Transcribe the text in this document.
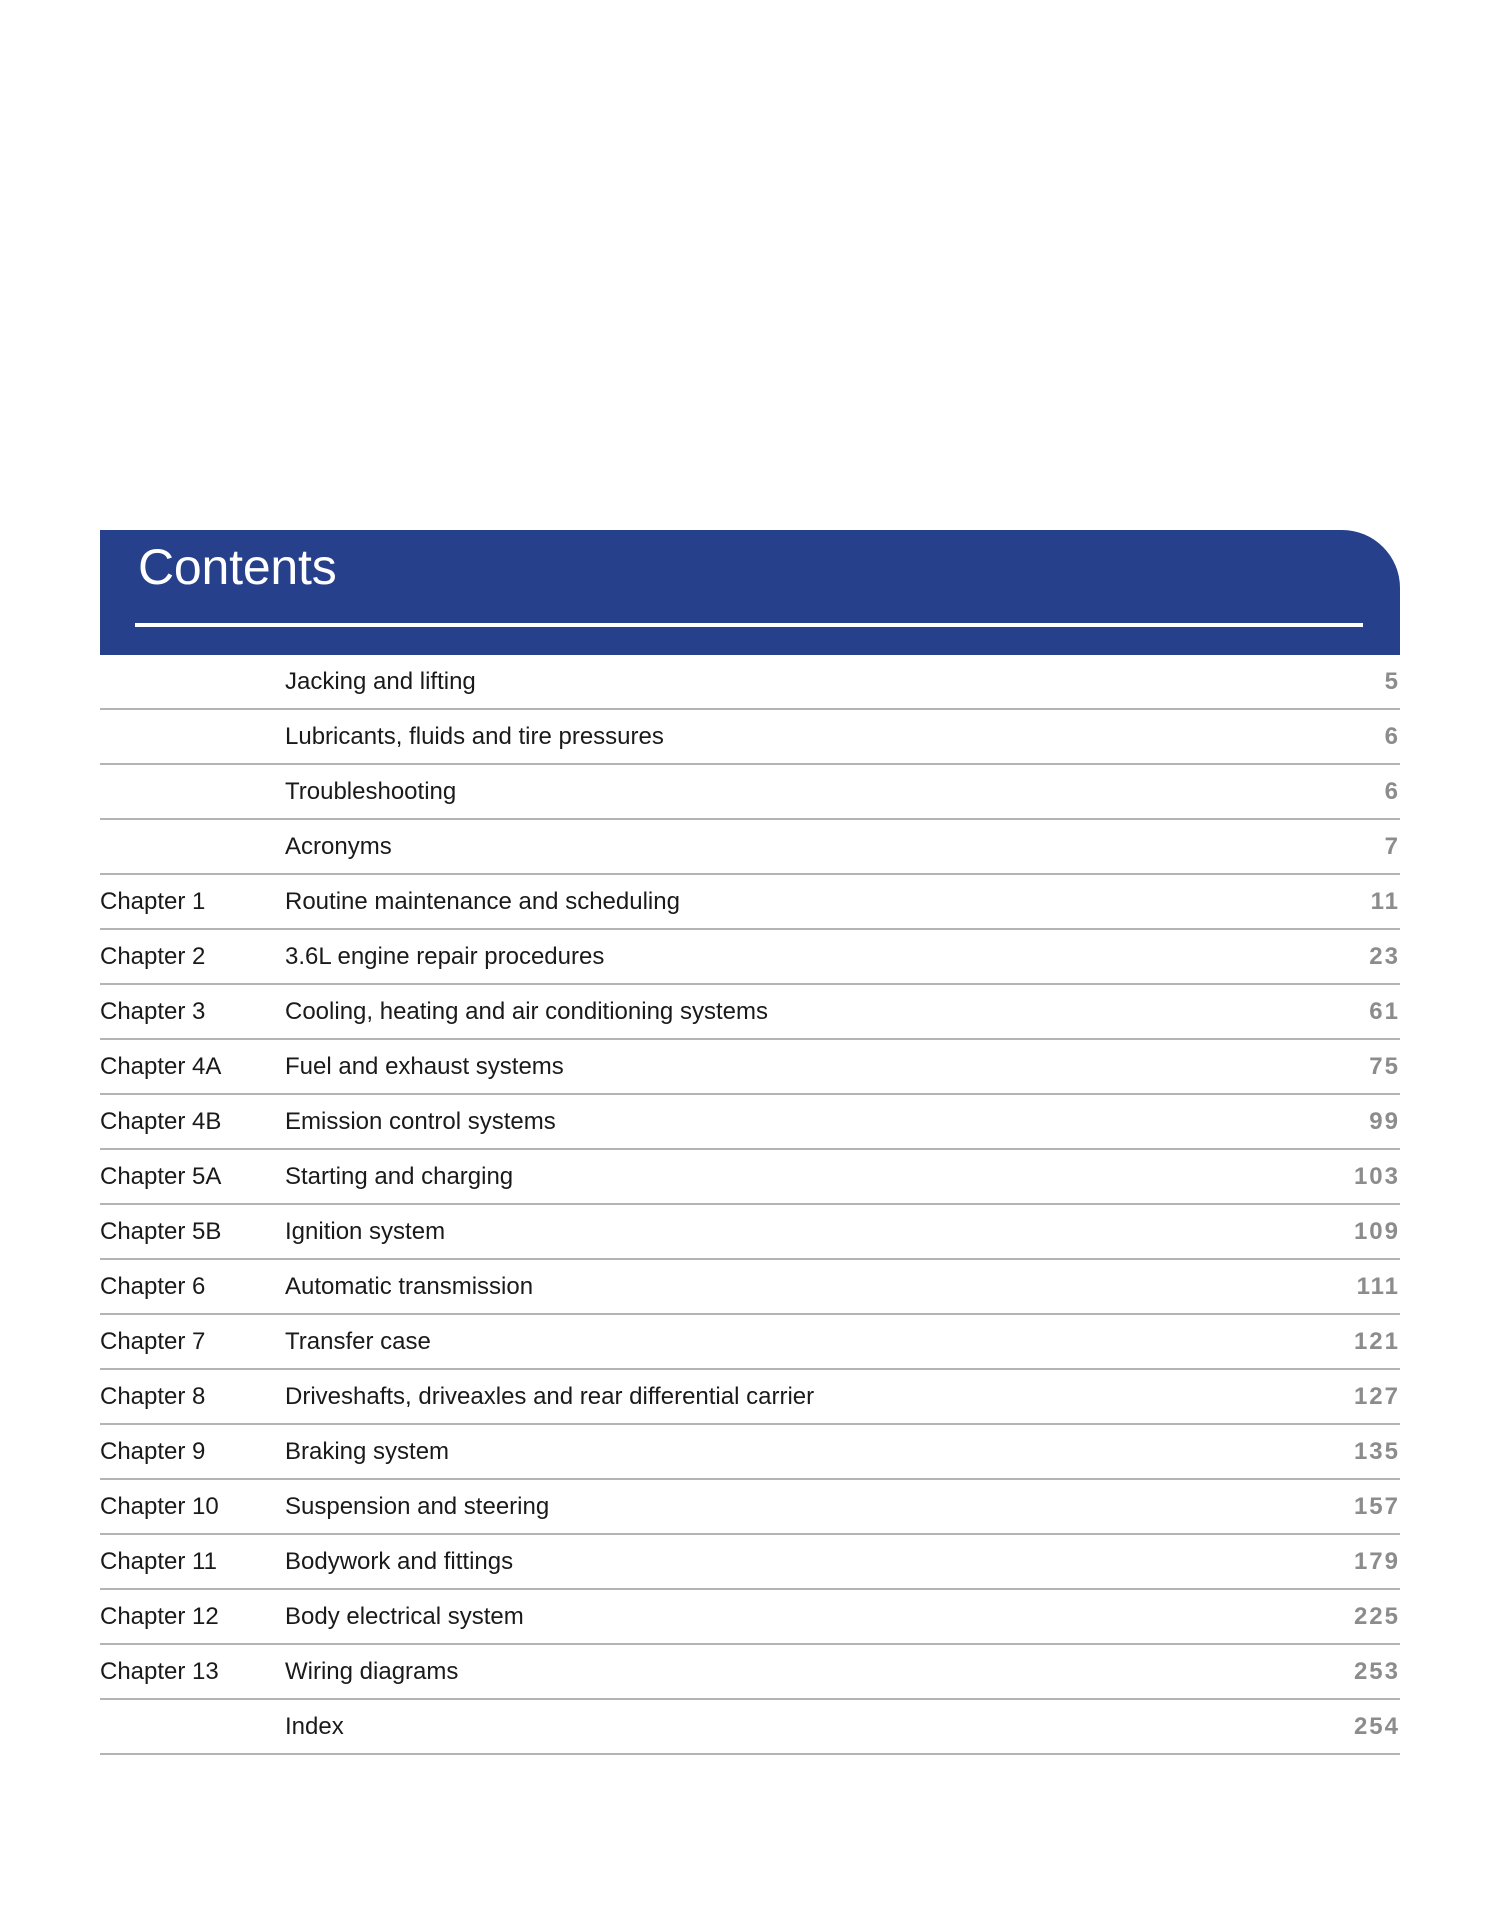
Contents
Jacking and lifting	5
Lubricants, fluids and tire pressures	6
Troubleshooting	6
Acronyms	7
Chapter 1	Routine maintenance and scheduling	11
Chapter 2	3.6L engine repair procedures	23
Chapter 3	Cooling, heating and air conditioning systems	61
Chapter 4A	Fuel and exhaust systems	75
Chapter 4B	Emission control systems	99
Chapter 5A	Starting and charging	103
Chapter 5B	Ignition system	109
Chapter 6	Automatic transmission	111
Chapter 7	Transfer case	121
Chapter 8	Driveshafts, driveaxles and rear differential carrier	127
Chapter 9	Braking system	135
Chapter 10	Suspension and steering	157
Chapter 11	Bodywork and fittings	179
Chapter 12	Body electrical system	225
Chapter 13	Wiring diagrams	253
Index	254
